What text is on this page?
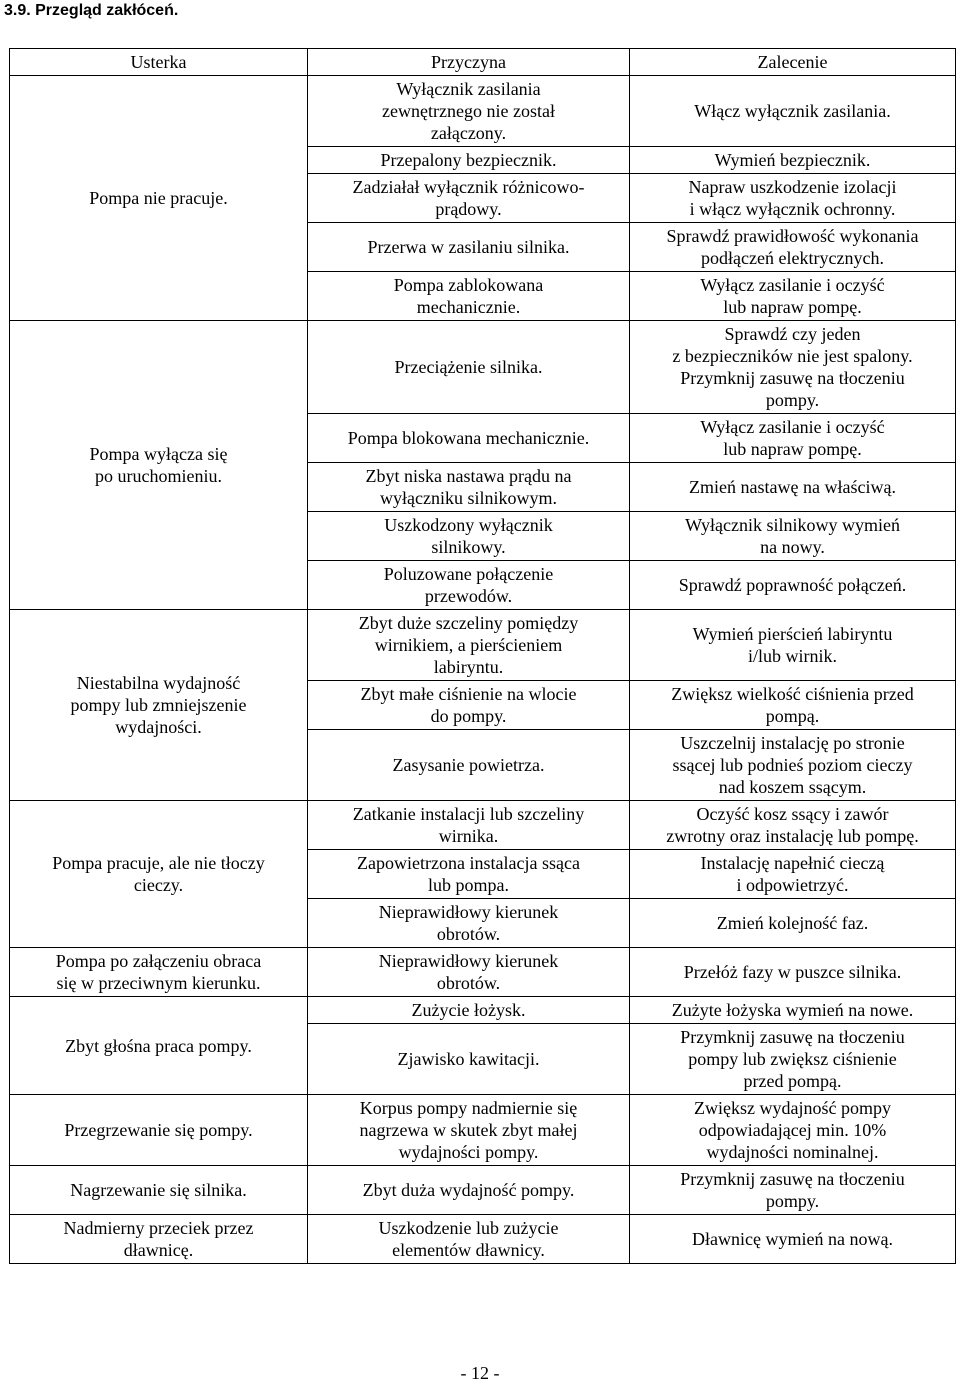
3.9. Przegląd zakłóceń.
Usterka	Przyczyna	Zalecenie
Pompa nie pracuje.	Wyłącznik zasilania
zewnętrznego nie został
załączony.	Włącz wyłącznik zasilania.
	Przepalony bezpiecznik.	Wymień bezpiecznik.
	Zadziałał wyłącznik różnicowo-
prądowy.	Napraw uszkodzenie izolacji
i włącz wyłącznik ochronny.
	Przerwa w zasilaniu silnika.	Sprawdź prawidłowość wykonania
podłączeń elektrycznych.
	Pompa zablokowana
mechanicznie.	Wyłącz zasilanie i oczyść
lub napraw pompę.
Pompa wyłącza się
po uruchomieniu.	Przeciążenie silnika.	Sprawdź czy jeden
z bezpieczników nie jest spalony.
Przymknij zasuwę na tłoczeniu
pompy.
	Pompa blokowana mechanicznie.	Wyłącz zasilanie i oczyść
lub napraw pompę.
	Zbyt niska nastawa prądu na
wyłączniku silnikowym.	Zmień nastawę na właściwą.
	Uszkodzony wyłącznik
silnikowy.	Wyłącznik silnikowy wymień
na nowy.
	Poluzowane połączenie
przewodów.	Sprawdź poprawność połączeń.
Niestabilna wydajność
pompy lub zmniejszenie
wydajności.	Zbyt duże szczeliny pomiędzy
wirnikiem, a pierścieniem
labiryntu.	Wymień pierścień labiryntu
i/lub wirnik.
	Zbyt małe ciśnienie na wlocie
do pompy.	Zwiększ wielkość ciśnienia przed
pompą.
	Zasysanie powietrza.	Uszczelnij instalację po stronie
ssącej lub podnieś poziom cieczy
nad koszem ssącym.
Pompa pracuje, ale nie tłoczy
cieczy.	Zatkanie instalacji lub szczeliny
wirnika.	Oczyść kosz ssący i zawór
zwrotny oraz instalację lub pompę.
	Zapowietrzona instalacja ssąca
lub pompa.	Instalację napełnić cieczą
i odpowietrzyć.
	Nieprawidłowy kierunek
obrotów.	Zmień kolejność faz.
Pompa po załączeniu obraca
się w przeciwnym kierunku.	Nieprawidłowy kierunek
obrotów.	Przełóż fazy w puszce silnika.
Zbyt głośna praca pompy.	Zużycie łożysk.	Zużyte łożyska wymień na nowe.
	Zjawisko kawitacji.	Przymknij zasuwę na tłoczeniu
pompy lub zwiększ ciśnienie
przed pompą.
Przegrzewanie się pompy.	Korpus pompy nadmiernie się
nagrzewa w skutek zbyt małej
wydajności pompy.	Zwiększ wydajność pompy
odpowiadającej min. 10%
wydajności nominalnej.
Nagrzewanie się silnika.	Zbyt duża wydajność pompy.	Przymknij zasuwę na tłoczeniu
pompy.
Nadmierny przeciek przez
dławnicę.	Uszkodzenie lub zużycie
elementów dławnicy.	Dławnicę wymień na nową.
- 12 -
